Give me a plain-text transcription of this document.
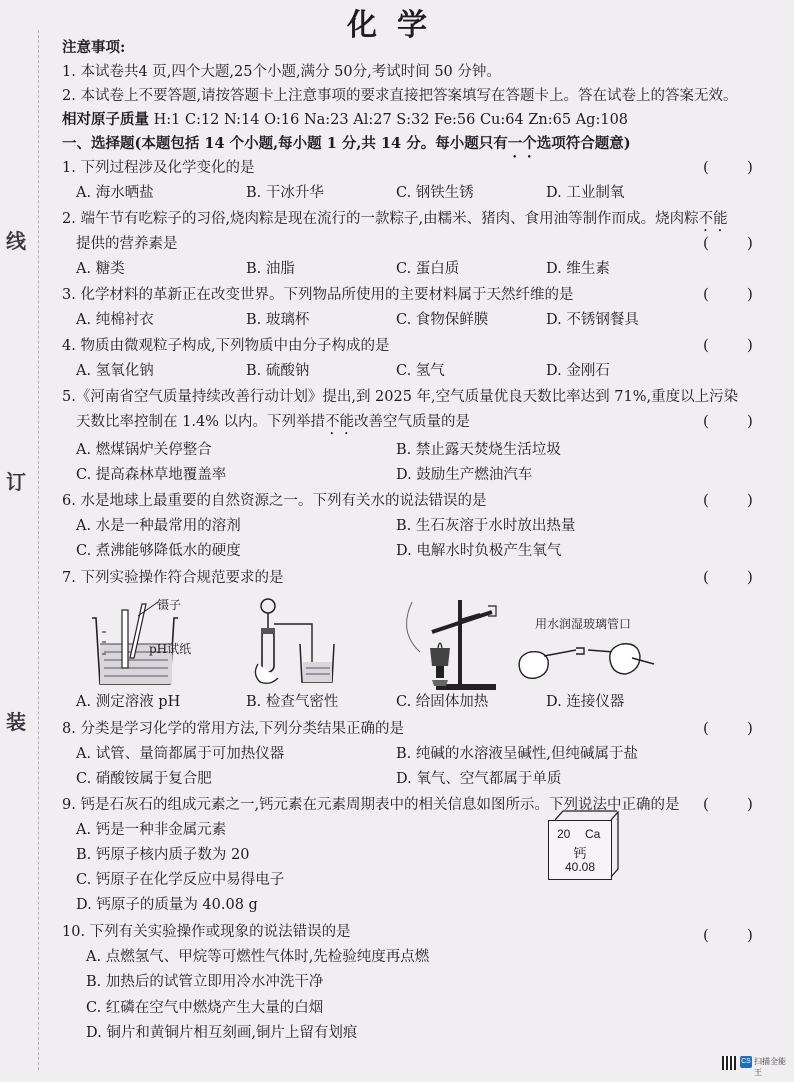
线
订
装
化学
注意事项:
1. 本试卷共4 页,四个大题,25个小题,满分 50分,考试时间 50 分钟。
2. 本试卷上不要答题,请按答题卡上注意事项的要求直接把答案填写在答题卡上。答在试卷上的答案无效。
相对原子质量 H:1 C:12 N:14 O:16 Na:23 Al:27 S:32 Fe:56 Cu:64 Zn:65 Ag:108
一、选择题(本题包括 14 个小题,每小题 1 分,共 14 分。每小题只有一个选项符合题意)
1. 下列过程涉及化学变化的是	(        )
A. 海水晒盐	B. 干冰升华	C. 钢铁生锈	D. 工业制氧
2. 端午节有吃粽子的习俗,烧肉粽是现在流行的一款粽子,由糯米、猪肉、食用油等制作而成。烧肉粽不能
提供的营养素是	(        )
A. 糖类	B. 油脂	C. 蛋白质	D. 维生素
3. 化学材料的革新正在改变世界。下列物品所使用的主要材料属于天然纤维的是	(        )
A. 纯棉衬衣	B. 玻璃杯	C. 食物保鲜膜	D. 不锈钢餐具
4. 物质由微观粒子构成,下列物质中由分子构成的是	(        )
A. 氢氧化钠	B. 硫酸钠	C. 氢气	D. 金刚石
5.《河南省空气质量持续改善行动计划》提出,到 2025 年,空气质量优良天数比率达到 71%,重度以上污染
天数比率控制在 1.4% 以内。下列举措不能改善空气质量的是	(        )
A. 燃煤锅炉关停整合	B. 禁止露天焚烧生活垃圾
C. 提高森林草地覆盖率	D. 鼓励生产燃油汽车
6. 水是地球上最重要的自然资源之一。下列有关水的说法错误的是	(        )
A. 水是一种最常用的溶剂	B. 生石灰溶于水时放出热量
C. 煮沸能够降低水的硬度	D. 电解水时负极产生氧气
7. 下列实验操作符合规范要求的是	(        )
镊子
pH试纸
用水润湿玻璃管口
A. 测定溶液 pH	B. 检查气密性	C. 给固体加热	D. 连接仪器
8. 分类是学习化学的常用方法,下列分类结果正确的是	(        )
A. 试管、量筒都属于可加热仪器	B. 纯碱的水溶液呈碱性,但纯碱属于盐
C. 硝酸铵属于复合肥	D. 氧气、空气都属于单质
9. 钙是石灰石的组成元素之一,钙元素在元素周期表中的相关信息如图所示。下列说法中正确的是 (        )
A. 钙是一种非金属元素
B. 钙原子核内质子数为 20
C. 钙原子在化学反应中易得电子
D. 钙原子的质量为 40.08 g
20 Ca
钙
40.08
10. 下列有关实验操作或现象的说法错误的是	(        )
A. 点燃氢气、甲烷等可燃性气体时,先检验纯度再点燃
B. 加热后的试管立即用冷水冲洗干净
C. 红磷在空气中燃烧产生大量的白烟
D. 铜片和黄铜片相互刻画,铜片上留有划痕
CS 扫描全能王
